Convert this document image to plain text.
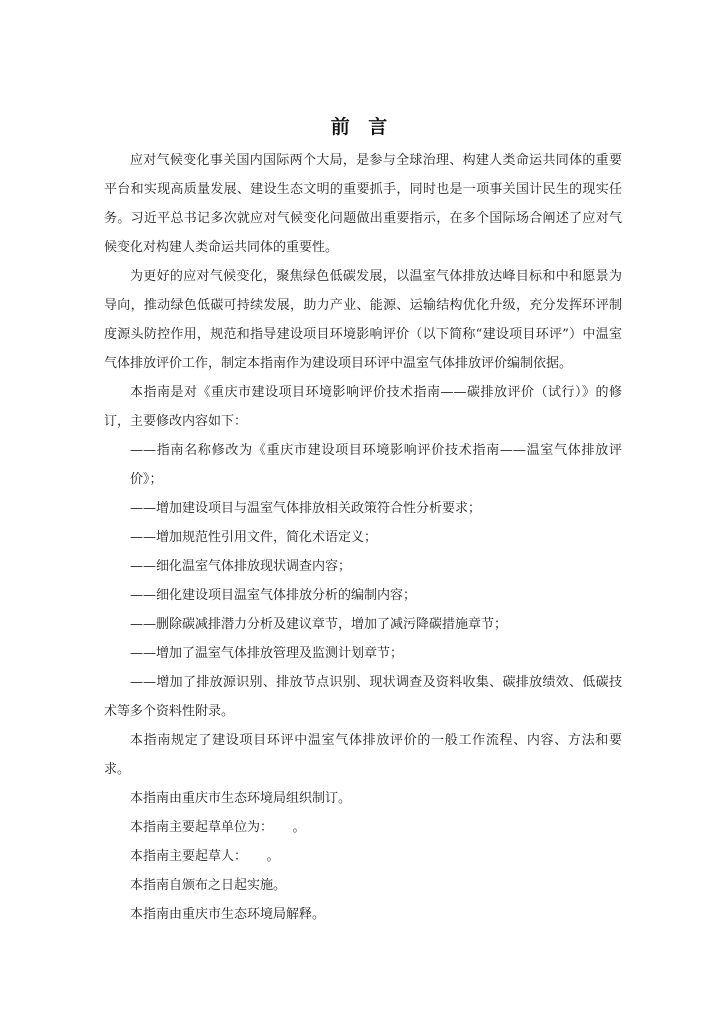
前 言

应对气候变化事关国内国际两个大局，是参与全球治理、构建人类命运共同体的重要平台和实现高质量发展、建设生态文明的重要抓手，同时也是一项事关国计民生的现实任务。习近平总书记多次就应对气候变化问题做出重要指示，在多个国际场合阐述了应对气候变化对构建人类命运共同体的重要性。

为更好的应对气候变化，聚焦绿色低碳发展，以温室气体排放达峰目标和中和愿景为导向，推动绿色低碳可持续发展，助力产业、能源、运输结构优化升级，充分发挥环评制度源头防控作用，规范和指导建设项目环境影响评价（以下简称“建设项目环评”）中温室气体排放评价工作，制定本指南作为建设项目环评中温室气体排放评价编制依据。

本指南是对《重庆市建设项目环境影响评价技术指南——碳排放评价（试行）》的修订，主要修改内容如下：

——指南名称修改为《重庆市建设项目环境影响评价技术指南——温室气体排放评价》；

——增加建设项目与温室气体排放相关政策符合性分析要求；

——增加规范性引用文件，简化术语定义；

——细化温室气体排放现状调查内容；

——细化建设项目温室气体排放分析的编制内容；

——删除碳减排潜力分析及建议章节，增加了减污降碳措施章节；

——增加了温室气体排放管理及监测计划章节；

——增加了排放源识别、排放节点识别、现状调查及资料收集、碳排放绩效、低碳技术等多个资料性附录。

本指南规定了建设项目环评中温室气体排放评价的一般工作流程、内容、方法和要求。

本指南由重庆市生态环境局组织制订。

本指南主要起草单位为：　　。

本指南主要起草人：　　。

本指南自颁布之日起实施。

本指南由重庆市生态环境局解释。
